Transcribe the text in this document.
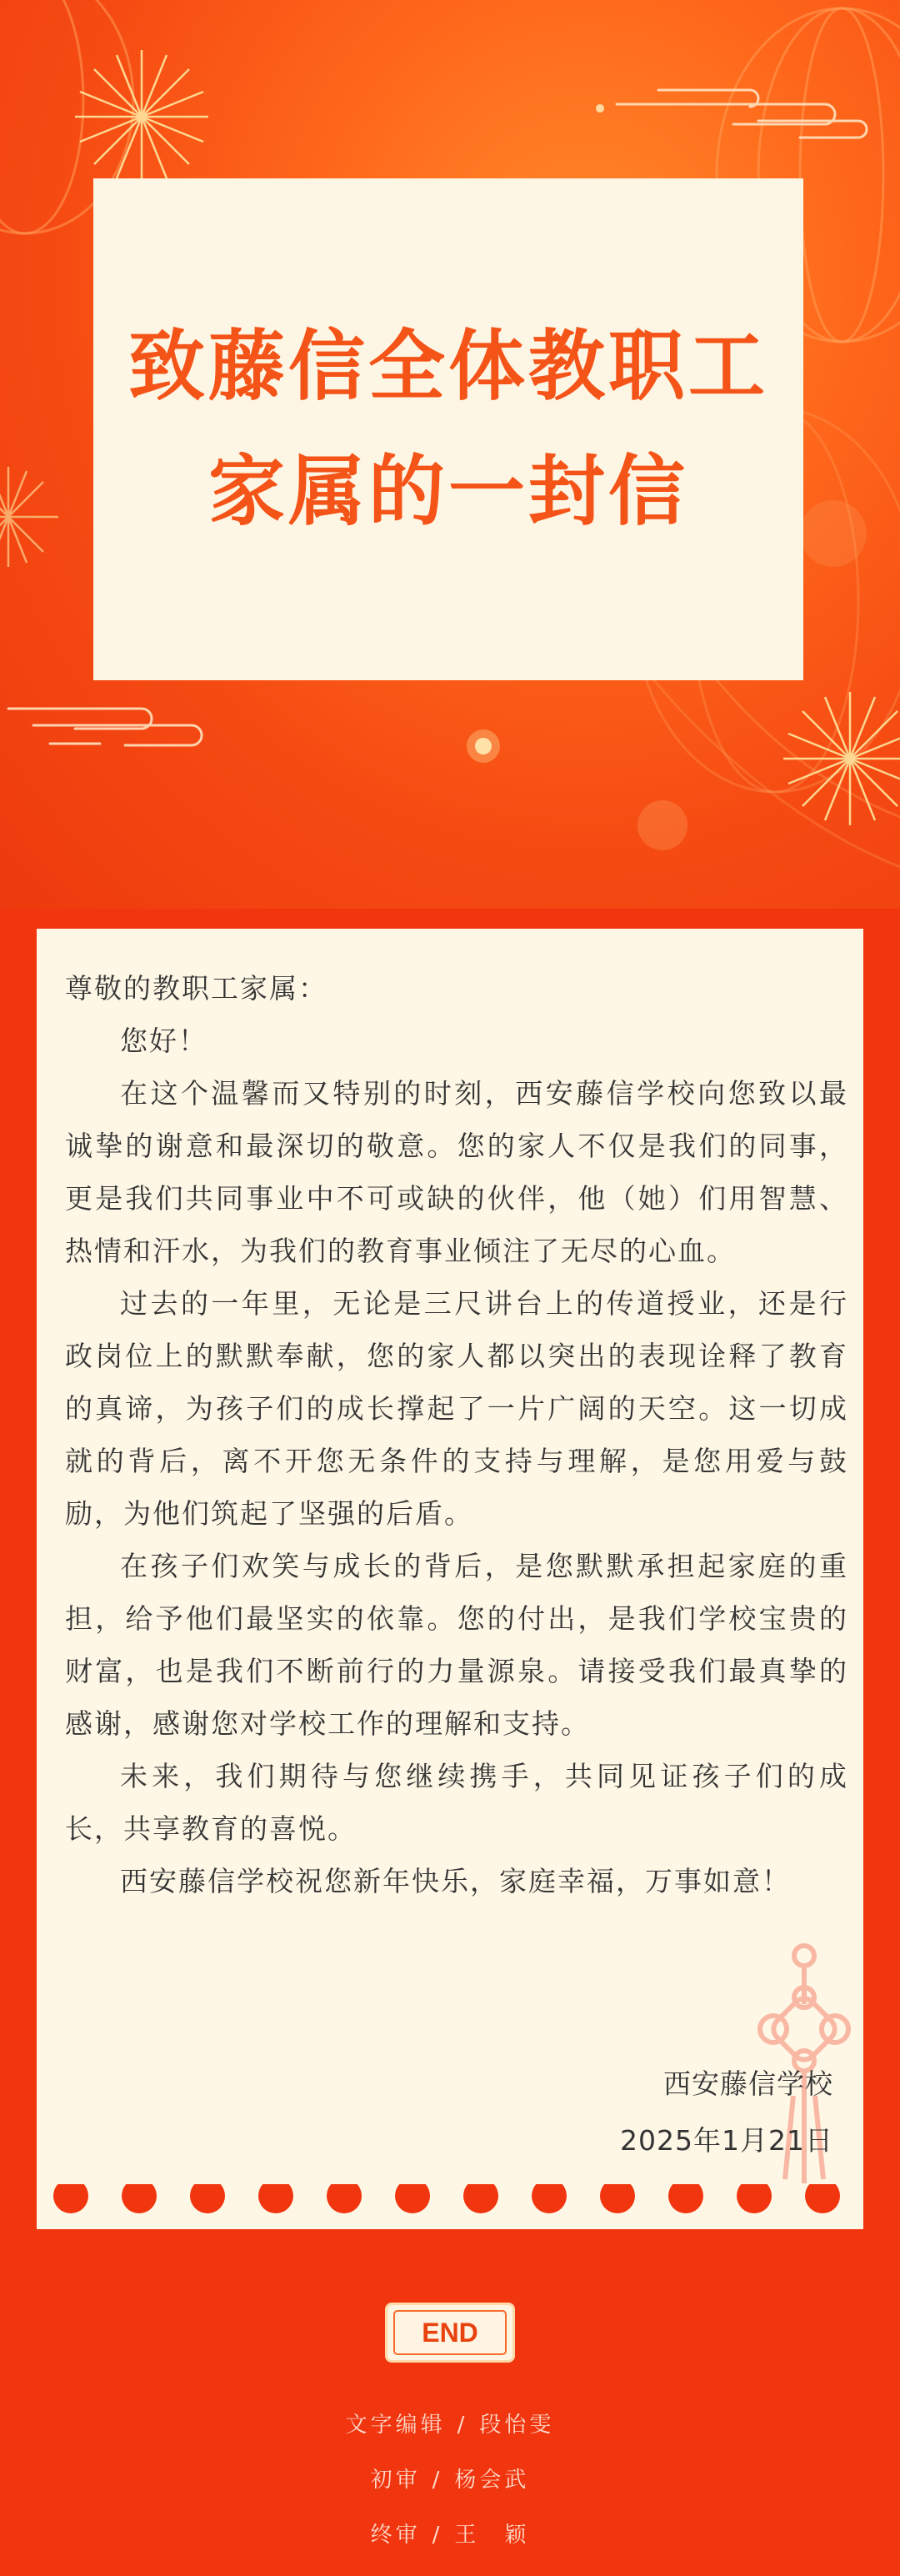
致藤信全体教职工
家属的一封信

尊敬的教职工家属：

您好！

在这个温馨而又特别的时刻，西安藤信学校向您致以最诚挚的谢意和最深切的敬意。您的家人不仅是我们的同事，更是我们共同事业中不可或缺的伙伴，他（她）们用智慧、热情和汗水，为我们的教育事业倾注了无尽的心血。

过去的一年里，无论是三尺讲台上的传道授业，还是行政岗位上的默默奉献，您的家人都以突出的表现诠释了教育的真谛，为孩子们的成长撑起了一片广阔的天空。这一切成就的背后，离不开您无条件的支持与理解，是您用爱与鼓励，为他们筑起了坚强的后盾。

在孩子们欢笑与成长的背后，是您默默承担起家庭的重担，给予他们最坚实的依靠。您的付出，是我们学校宝贵的财富，也是我们不断前行的力量源泉。请接受我们最真挚的感谢，感谢您对学校工作的理解和支持。

未来，我们期待与您继续携手，共同见证孩子们的成长，共享教育的喜悦。

西安藤信学校祝您新年快乐，家庭幸福，万事如意！

西安藤信学校
2025年1月21日
END
文字编辑 / 段怡雯
初审 / 杨会武
终审 / 王　颖
